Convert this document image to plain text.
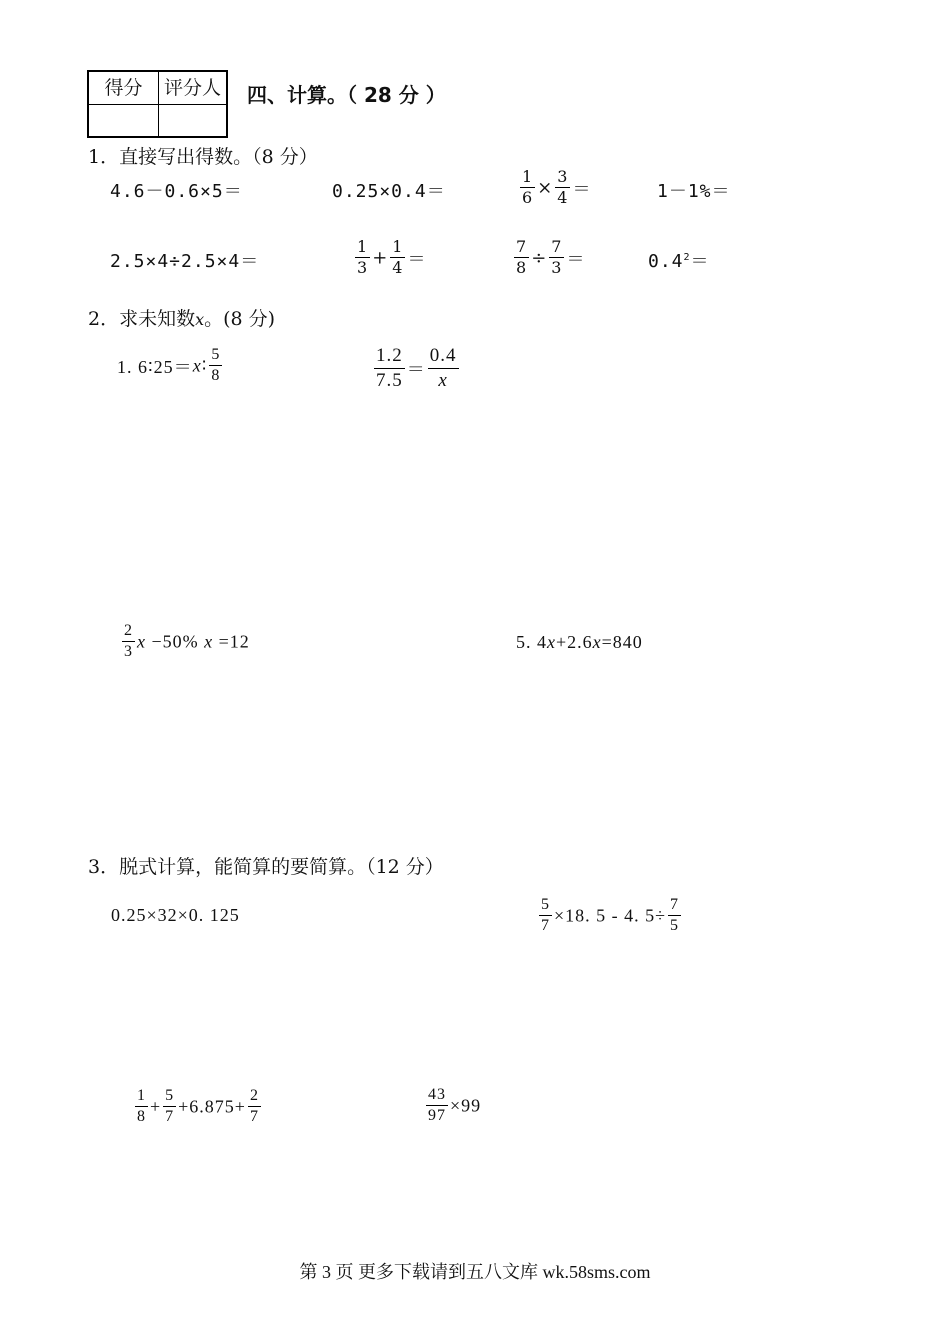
得分	评分人 四、计算。（ 28 分 ）
1．直接写出得数。（8 分）
4.6－0.6×5＝	0.25×0.4＝	$\frac{1}{6} \times \frac{3}{4}$ ＝	1－1%＝
2.5×4÷2.5×4＝	$\frac{1}{3} + \frac{1}{4}$ ＝	$\frac{7}{8} \div \frac{7}{3}$ ＝	$0.4^2=$
2．求未知数x。(8 分)
1. 6∶25＝x∶ $\frac{5}{8}$	$\frac{1.2}{7.5} = \frac{0.4}{x}$
$\frac{2}{3}$ x −50% x =12	5. 4x+2.6x=840
3．脱式计算，能简算的要简算。（12 分）
0.25×32×0. 125	$\frac{5}{7} \times 18$. 5 - 4. $5\div \frac{7}{5}$
$\frac{1}{8} + \frac{5}{7} +6.875+ \frac{2}{7}$	$\frac{43}{97} \times 99$
第 3 页 更多下载请到五八文库 wk.58sms.com
